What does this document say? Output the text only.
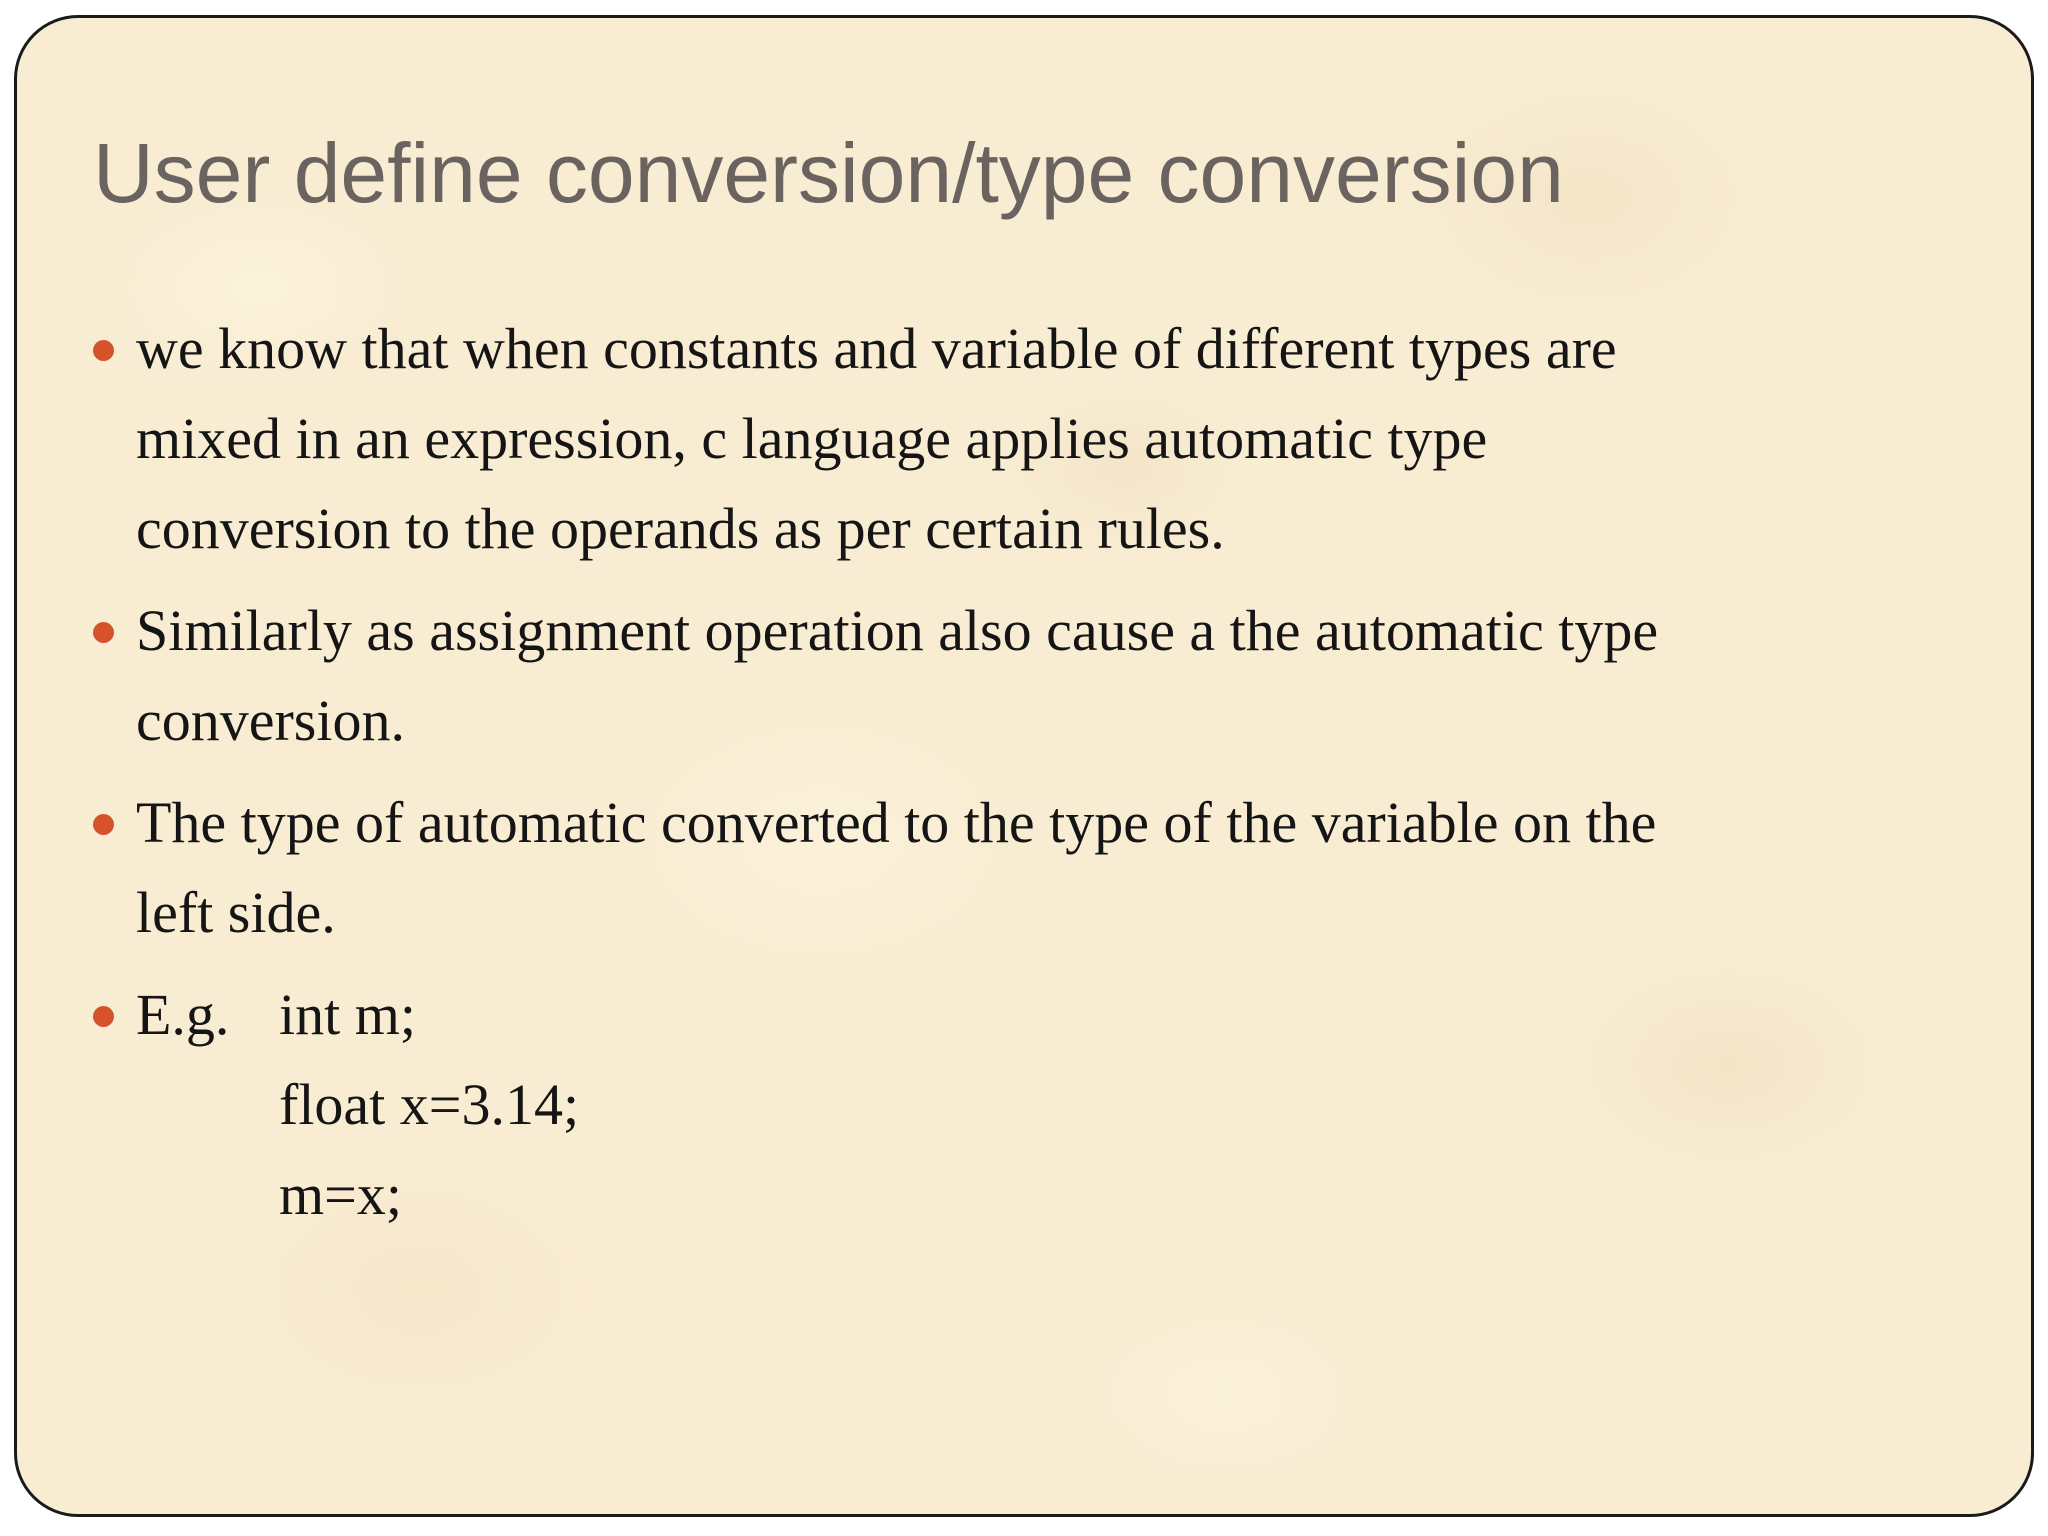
User define conversion/type conversion
we know that when constants and variable of different types are
mixed in an expression, c language applies automatic type
conversion to the operands as per certain rules.
Similarly as assignment operation also cause a the automatic type
conversion.
The type of automatic converted to the type of the variable on the
left side.
E.g. int m;
float x=3.14;
m=x;
